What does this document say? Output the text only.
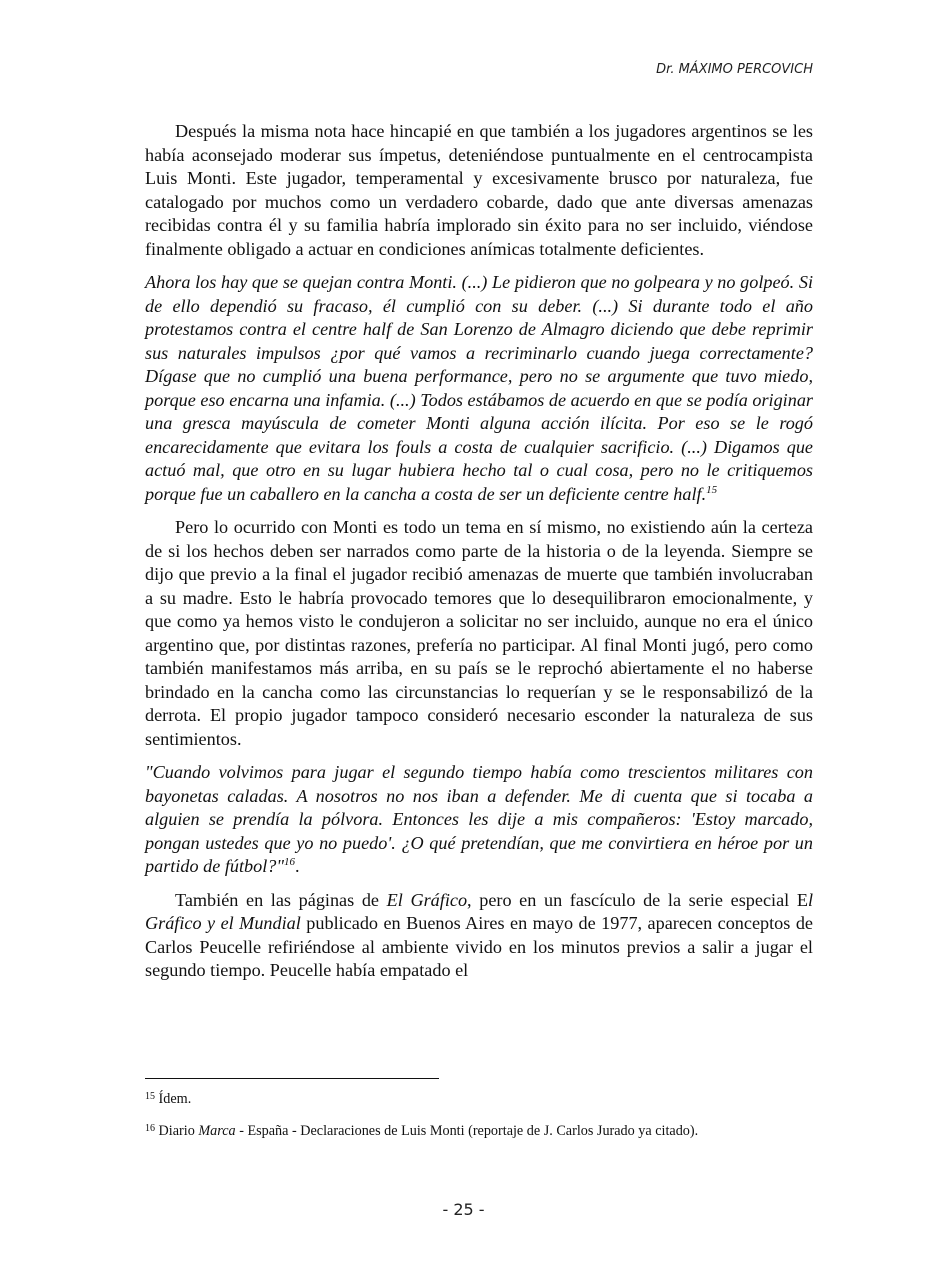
Dr. MÁXIMO PERCOVICH

Después la misma nota hace hincapié en que también a los jugadores argentinos se les había aconsejado moderar sus ímpetus, deteniéndose puntualmente en el centrocampista Luis Monti. Este jugador, temperamental y excesivamente brusco por naturaleza, fue catalogado por muchos como un verdadero cobarde, dado que ante diversas amenazas recibidas contra él y su familia habría implorado sin éxito para no ser incluido, viéndose finalmente obligado a actuar en condiciones anímicas totalmente deficientes.

Ahora los hay que se quejan contra Monti. (...) Le pidieron que no golpeara y no golpeó. Si de ello dependió su fracaso, él cumplió con su deber. (...) Si durante todo el año protestamos contra el centre half de San Lorenzo de Almagro diciendo que debe reprimir sus naturales impulsos ¿por qué vamos a recriminarlo cuando juega correctamente? Dígase que no cumplió una buena performance, pero no se argumente que tuvo miedo, porque eso encarna una infamia. (...) Todos estábamos de acuerdo en que se podía originar una gresca mayúscula de cometer Monti alguna acción ilícita. Por eso se le rogó encarecidamente que evitara los fouls a costa de cualquier sacrificio. (...) Digamos que actuó mal, que otro en su lugar hubiera hecho tal o cual cosa, pero no le critiquemos porque fue un caballero en la cancha a costa de ser un deficiente centre half.$^{15}$

Pero lo ocurrido con Monti es todo un tema en sí mismo, no existiendo aún la certeza de si los hechos deben ser narrados como parte de la historia o de la leyenda. Siempre se dijo que previo a la final el jugador recibió amenazas de muerte que también involucraban a su madre. Esto le habría provocado temores que lo desequilibraron emocionalmente, y que como ya hemos visto le condujeron a solicitar no ser incluido, aunque no era el único argentino que, por distintas razones, prefería no participar. Al final Monti jugó, pero como también manifestamos más arriba, en su país se le reprochó abiertamente el no haberse brindado en la cancha como las circunstancias lo requerían y se le responsabilizó de la derrota. El propio jugador tampoco consideró necesario esconder la naturaleza de sus sentimientos.

"Cuando volvimos para jugar el segundo tiempo había como trescientos militares con bayonetas caladas. A nosotros no nos iban a defender. Me di cuenta que si tocaba a alguien se prendía la pólvora. Entonces les dije a mis compañeros: 'Estoy marcado, pongan ustedes que yo no puedo'. ¿O qué pretendían, que me convirtiera en héroe por un partido de fútbol?"$^{16}$.

También en las páginas de El Gráfico, pero en un fascículo de la serie especial El Gráfico y el Mundial publicado en Buenos Aires en mayo de 1977, aparecen conceptos de Carlos Peucelle refiriéndose al ambiente vivido en los minutos previos a salir a jugar el segundo tiempo. Peucelle había empatado el

$^{15}$ Ídem.
$^{16}$ Diario Marca - España - Declaraciones de Luis Monti (reportaje de J. Carlos Jurado ya citado).
- 25 -
